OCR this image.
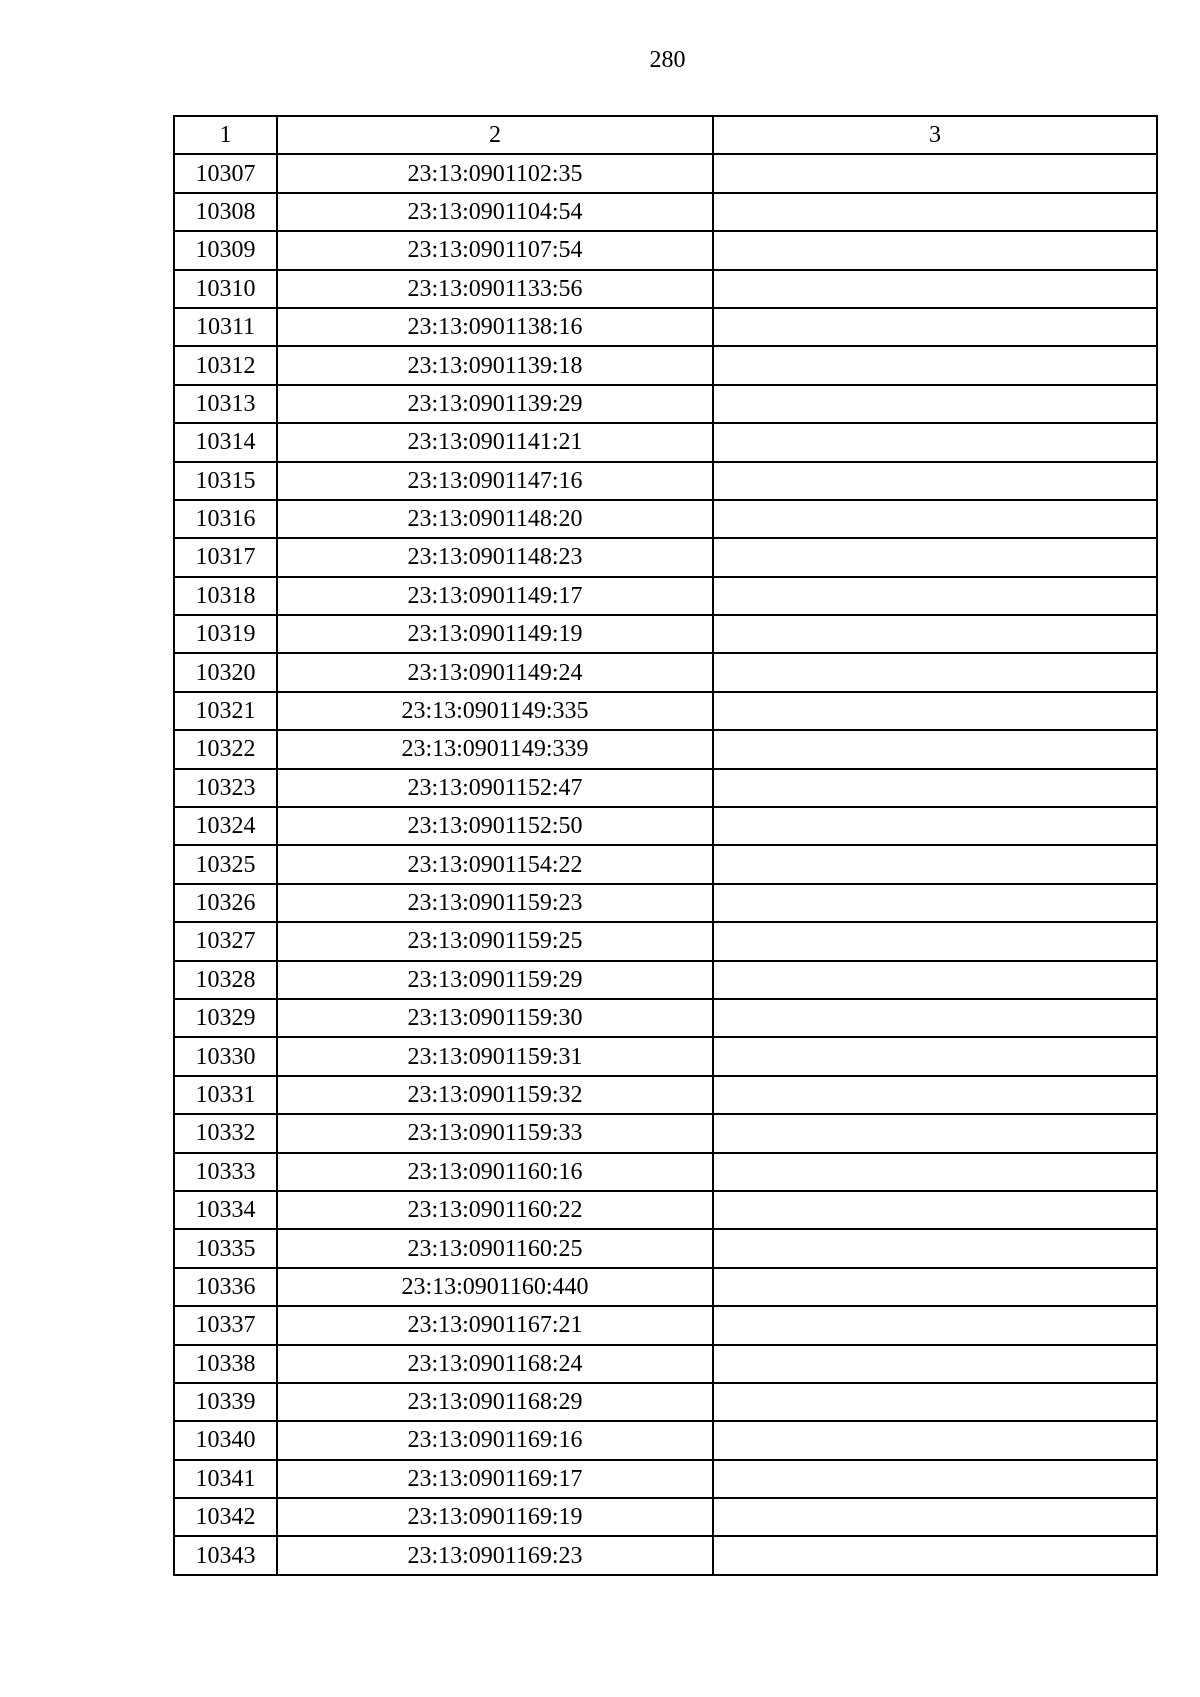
280
1	2	3
10307	23:13:0901102:35	
10308	23:13:0901104:54	
10309	23:13:0901107:54	
10310	23:13:0901133:56	
10311	23:13:0901138:16	
10312	23:13:0901139:18	
10313	23:13:0901139:29	
10314	23:13:0901141:21	
10315	23:13:0901147:16	
10316	23:13:0901148:20	
10317	23:13:0901148:23	
10318	23:13:0901149:17	
10319	23:13:0901149:19	
10320	23:13:0901149:24	
10321	23:13:0901149:335	
10322	23:13:0901149:339	
10323	23:13:0901152:47	
10324	23:13:0901152:50	
10325	23:13:0901154:22	
10326	23:13:0901159:23	
10327	23:13:0901159:25	
10328	23:13:0901159:29	
10329	23:13:0901159:30	
10330	23:13:0901159:31	
10331	23:13:0901159:32	
10332	23:13:0901159:33	
10333	23:13:0901160:16	
10334	23:13:0901160:22	
10335	23:13:0901160:25	
10336	23:13:0901160:440	
10337	23:13:0901167:21	
10338	23:13:0901168:24	
10339	23:13:0901168:29	
10340	23:13:0901169:16	
10341	23:13:0901169:17	
10342	23:13:0901169:19	
10343	23:13:0901169:23	
